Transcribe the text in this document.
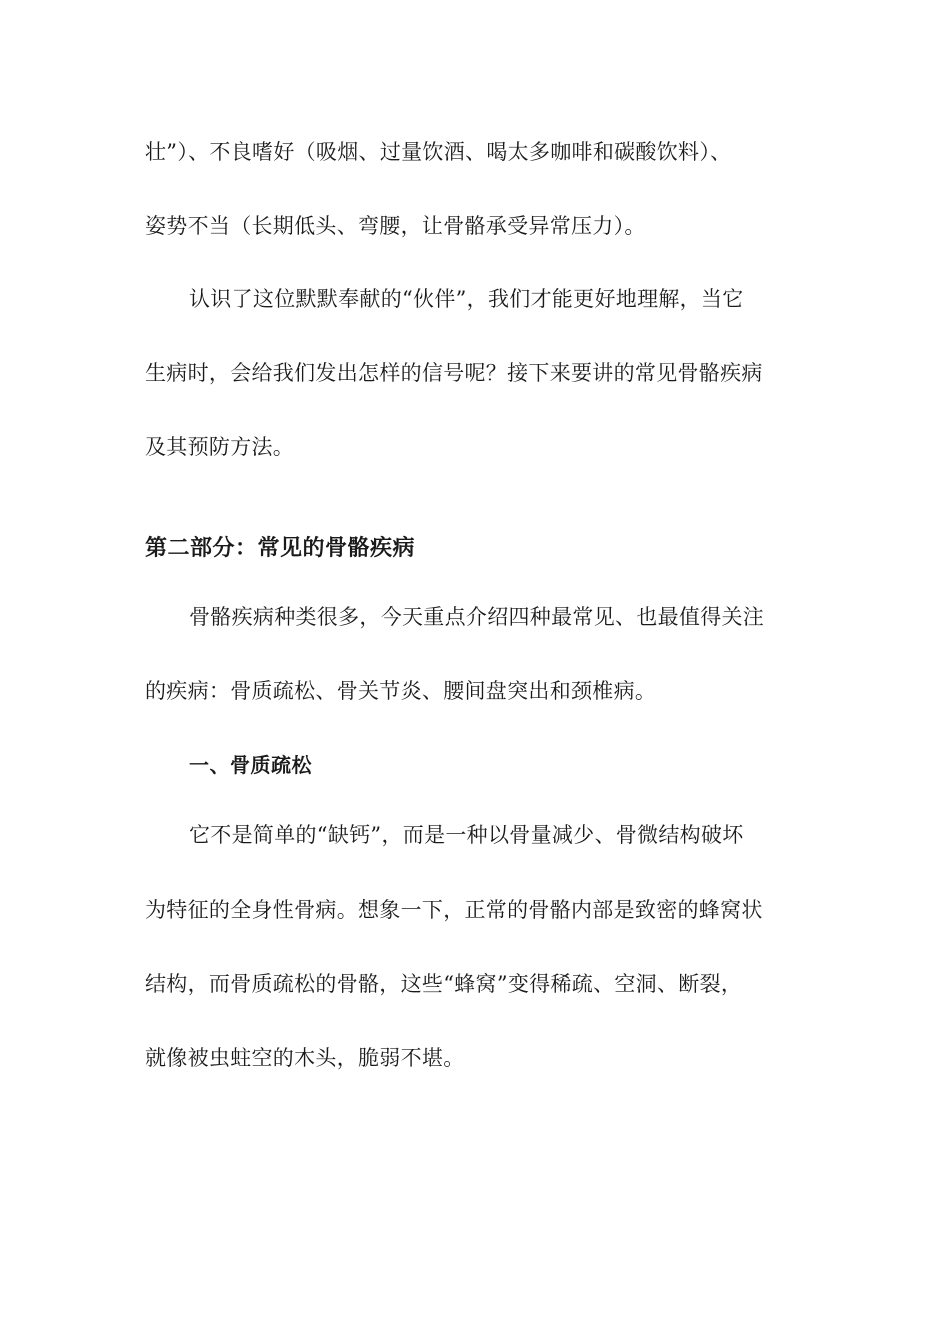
壮”）、不良嗜好（吸烟、过量饮酒、喝太多咖啡和碳酸饮料）、

姿势不当（长期低头、弯腰，让骨骼承受异常压力）。

认识了这位默默奉献的“伙伴”，我们才能更好地理解，当它

生病时，会给我们发出怎样的信号呢？接下来要讲的常见骨骼疾病

及其预防方法。

第二部分：常见的骨骼疾病

骨骼疾病种类很多，今天重点介绍四种最常见、也最值得关注

的疾病：骨质疏松、骨关节炎、腰间盘突出和颈椎病。

一、骨质疏松

它不是简单的“缺钙”，而是一种以骨量减少、骨微结构破坏

为特征的全身性骨病。想象一下，正常的骨骼内部是致密的蜂窝状

结构，而骨质疏松的骨骼，这些“蜂窝”变得稀疏、空洞、断裂，

就像被虫蛀空的木头，脆弱不堪。
